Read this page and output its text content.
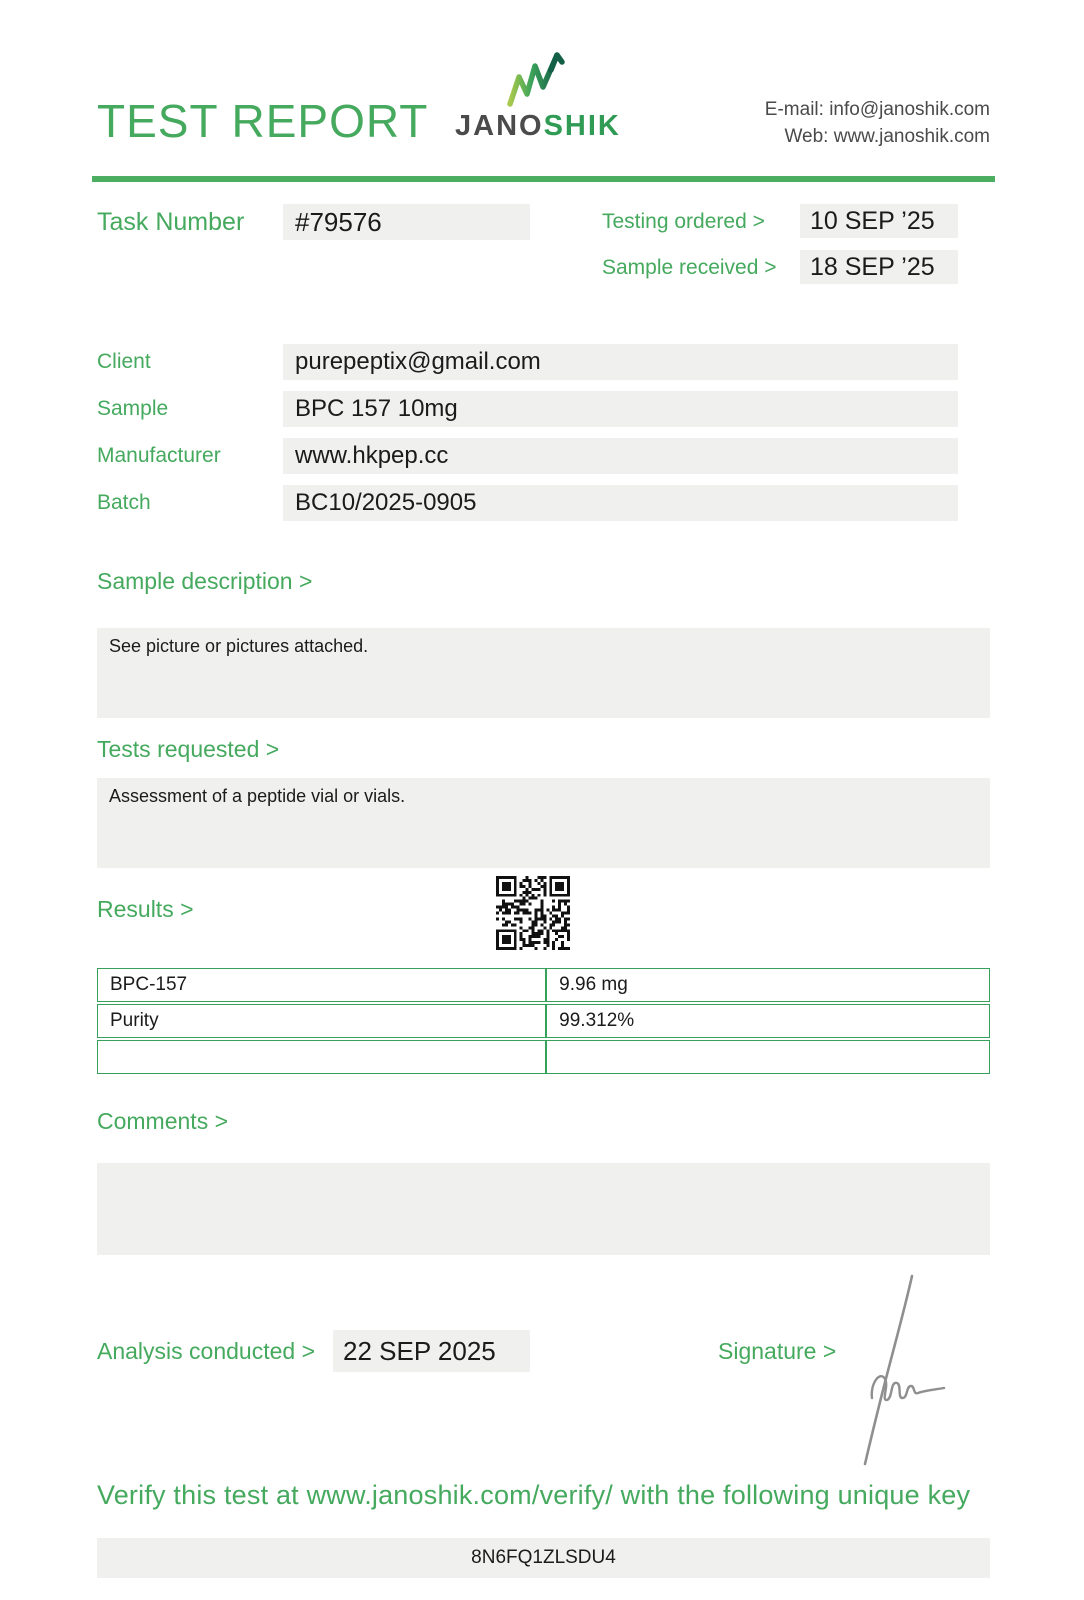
TEST REPORT JANOSHIK
E-mail: info@janoshik.com
Web: www.janoshik.com
Task Number	#79576	Testing ordered >	10 SEP ’25
Sample received >	18 SEP ’25
Client	purepeptix@gmail.com
Sample	BPC 157 10mg
Manufacturer	www.hkpep.cc
Batch	BC10/2025-0905
Sample description >
See picture or pictures attached.
Tests requested >
Assessment of a peptide vial or vials.
Results >
BPC-157	9.96 mg
Purity	99.312%

Comments >
Analysis conducted >	22 SEP 2025	Signature >
Verify this test at www.janoshik.com/verify/ with the following unique key
8N6FQ1ZLSDU4
